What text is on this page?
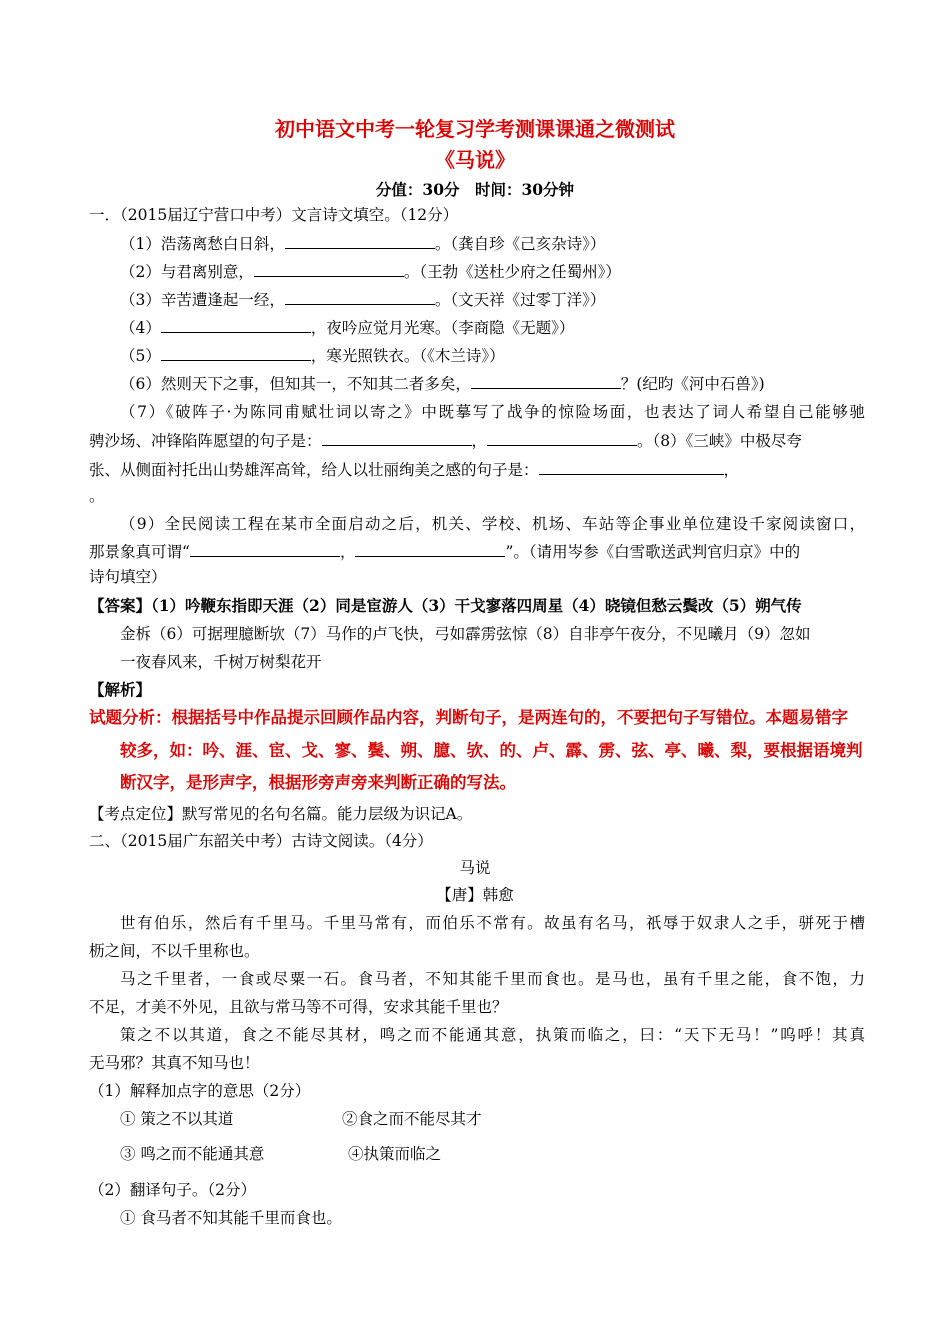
初中语文中考一轮复习学考测课课通之微测试
《马说》
分值：30分　时间：30分钟
一．（2015届辽宁营口中考）文言诗文填空。（12分）
（1）浩荡离愁白日斜，	。（龚自珍《己亥杂诗》）
（2）与君离别意，	。（王勃《送杜少府之任蜀州》）
（3）辛苦遭逢起一经，	。（文天祥《过零丁洋》）
（4）	，夜吟应觉月光寒。（李商隐《无题》）
（5）	，寒光照铁衣。（《木兰诗》）
（6）然则天下之事，但知其一，不知其二者多矣，	？(纪昀《河中石兽》)
（7）《破阵子·为陈同甫赋壮词以寄之》中既摹写了战争的惊险场面，也表达了词人希望自己能够驰
骋沙场、冲锋陷阵愿望的句子是：	，	。（8）《三峡》中极尽夸
张、从侧面衬托出山势雄浑高耸，给人以壮丽绚美之感的句子是：	，
。
（9）全民阅读工程在某市全面启动之后，机关、学校、机场、车站等企事业单位建设千家阅读窗口，
那景象真可谓“	，	”。（请用岑参《白雪歌送武判官归京》中的
诗句填空）
【答案】（1）吟鞭东指即天涯（2）同是宦游人（3）干戈寥落四周星（4）晓镜但愁云鬓改（5）朔气传
金柝（6）可据理臆断欤（7）马作的卢飞快，弓如霹雳弦惊（8）自非亭午夜分，不见曦月（9）忽如
一夜春风来，千树万树梨花开
【解析】
试题分析：根据括号中作品提示回顾作品内容，判断句子，是两连句的，不要把句子写错位。本题易错字
较多，如：吟、涯、宦、戈、寥、鬓、朔、臆、欤、的、卢、霹、雳、弦、亭、曦、梨，要根据语境判
断汉字，是形声字，根据形旁声旁来判断正确的写法。
【考点定位】默写常见的名句名篇。能力层级为识记A。
二、（2015届广东韶关中考）古诗文阅读。（4分）
马说
【唐】韩愈
世有伯乐，然后有千里马。千里马常有，而伯乐不常有。故虽有名马，祇辱于奴隶人之手，骈死于槽
枥之间，不以千里称也。
马之千里者，一食或尽粟一石。食马者，不知其能千里而食也。是马也，虽有千里之能，食不饱，力
不足，才美不外见，且欲与常马等不可得，安求其能千里也？
策之不以其道，食之不能尽其材，鸣之而不能通其意，执策而临之，曰：“天下无马！”呜呼！其真
无马邪？其真不知马也！
（1）解释加点字的意思（2分）
① 策之不以其道	②食之而不能尽其才
③ 鸣之而不能通其意	④执策而临之
（2）翻译句子。（2分）
① 食马者不知其能千里而食也。
